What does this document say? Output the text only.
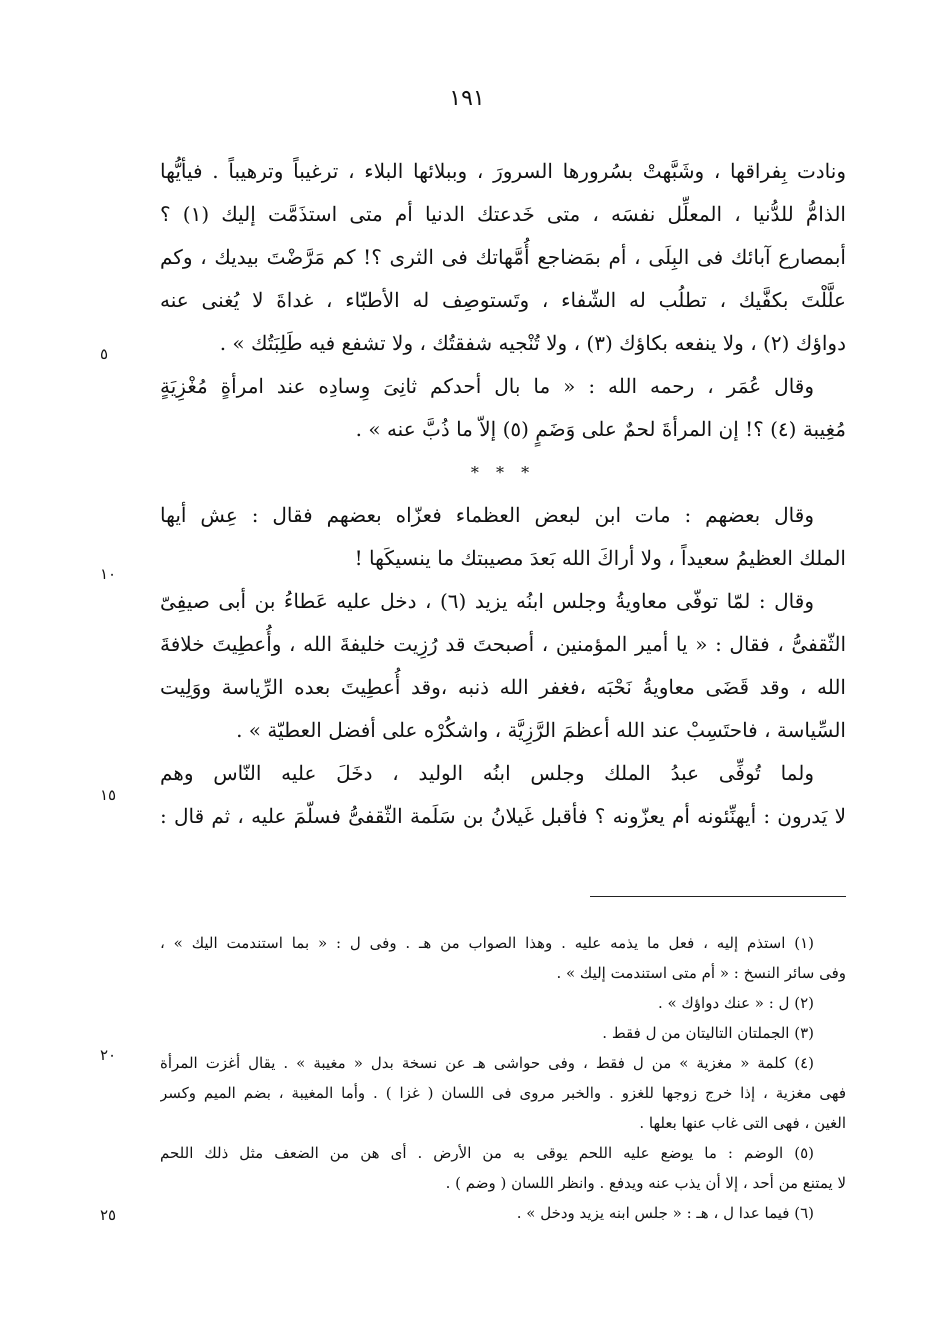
١٩١
٥
١٠
١٥
٢٠
٢٥
ونادت بِفراقها ، وشَبَّهتْ بسُرورها السرورَ ، وببلائها البلاء ، ترغيباً وترهيباً . فيأيُّها
الذامُّ للدُّنيا ، المعلِّل نفسَه ، متى خَدعتك الدنيا أم متى استذَمَّت إليك (١) ؟
أبمصارع آبائك فى البِلَى ، أم بمَضاجع أُمَّهاتك فى الثرى ؟! كم مَرَّضْتَ بيديك ، وكم
علَّلْتَ بكفَّيك ، تطلُب له الشّفاء ، وتَستوصِف له الأطبّاء ، غداةَ لا يُغنى عنه
دواؤك (٢) ، ولا ينفعه بكاؤك (٣) ، ولا تُنْجيه شفقتُك ، ولا تشفع فيه طَلِبَتُك » .
وقال عُمَر ، رحمه الله : « ما بال أحدكم ثانِىَ وِسادِه عند امرأةٍ مُغْزِيَةٍ
مُغِيبة (٤) ؟! إن المرأةَ لحمٌ على وَضَمٍ (٥) إلاّ ما ذُبَّ عنه » .
* * *
وقال بعضهم : مات ابن لبعض العظماء فعزّاه بعضهم فقال : عِش أيها
الملك العظيمُ سعيداً ، ولا أراكَ الله بَعدَ مصيبتك ما ينسيكَها !
وقال : لمّا توفّى معاويةُ وجلس ابنُه يزيد (٦) ، دخل عليه عَطاءُ بن أبى صيفِىّ
الثّقفىُّ ، فقال : « يا أمير المؤمنين ، أصبحتَ قد رُزِيت خليفةَ الله ، وأُعطِيتَ خلافةَ
الله ، وقد قَضَى معاويةُ نَحْبَه ،فغفر الله ذنبه ،وقد أُعطِيتَ بعده الرِّياسة ووَلِيت
السِّياسة ، فاحتَسِبْ عند الله أعظمَ الرَّزِيَّة ، واشكُرْه على أفضل العطيّة » .
ولما تُوفِّى عبدُ الملك وجلس ابنُه الوليد ، دخَلَ عليه النّاس وهم
لا يَدرون : أيهنِّئونه أم يعزّونه ؟ فأقبل غَيلانُ بن سَلَمة الثّقفىُّ فسلّمَ عليه ، ثم قال :
(١) استذم إليه ، فعل ما يذمه عليه . وهذا الصواب من هـ . وفى ل : « بما استندمت اليك » ،
وفى سائر النسخ : « أم متى استندمت إليك » .
(٢) ل : « عنك دواؤك » .
(٣) الجملتان التاليتان من ل فقط .
(٤) كلمة « مغزية » من ل فقط ، وفى حواشى هـ عن نسخة بدل « مغيبة » . يقال أغزت المرأة
فهى مغزية ، إذا خرج زوجها للغزو . والخبر مروى فى اللسان ( غزا ) . وأما المغيبة ، بضم الميم وكسر
الغين ، فهى التى غاب عنها بعلها .
(٥) الوضم : ما يوضع عليه اللحم يوقى به من الأرض . أى هن من الضعف مثل ذلك اللحم
لا يمتنع من أحد ، إلا أن يذب عنه ويدفع . وانظر اللسان ( وضم ) .
(٦) فيما عدا ل ، هـ : « جلس ابنه يزيد ودخل » .
